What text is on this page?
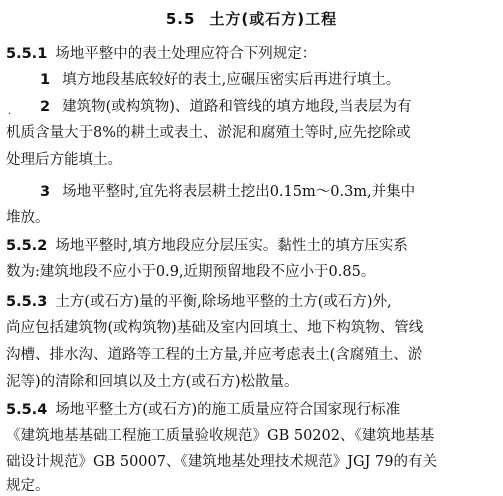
5.5 土方(或石方)工程
·
5.5.1 场地平整中的表土处理应符合下列规定：
1 填方地段基底较好的表土,应碾压密实后再进行填土。
2 建筑物(或构筑物)、道路和管线的填方地段,当表层为有
机质含量大于8%的耕土或表土、淤泥和腐殖土等时,应先挖除或
处理后方能填土。
3 场地平整时,宜先将表层耕土挖出0.15m～0.3m,并集中
堆放。
5.5.2 场地平整时,填方地段应分层压实。黏性土的填方压实系
数为:建筑地段不应小于0.9,近期预留地段不应小于0.85。
5.5.3 土方(或石方)量的平衡,除场地平整的土方(或石方)外,
尚应包括建筑物(或构筑物)基础及室内回填土、地下构筑物、管线
沟槽、排水沟、道路等工程的土方量,并应考虑表土(含腐殖土、淤
泥等)的清除和回填以及土方(或石方)松散量。
5.5.4 场地平整土方(或石方)的施工质量应符合国家现行标准
《建筑地基基础工程施工质量验收规范》GB 50202、《建筑地基基
础设计规范》GB 50007、《建筑地基处理技术规范》JGJ 79的有关
规定。
